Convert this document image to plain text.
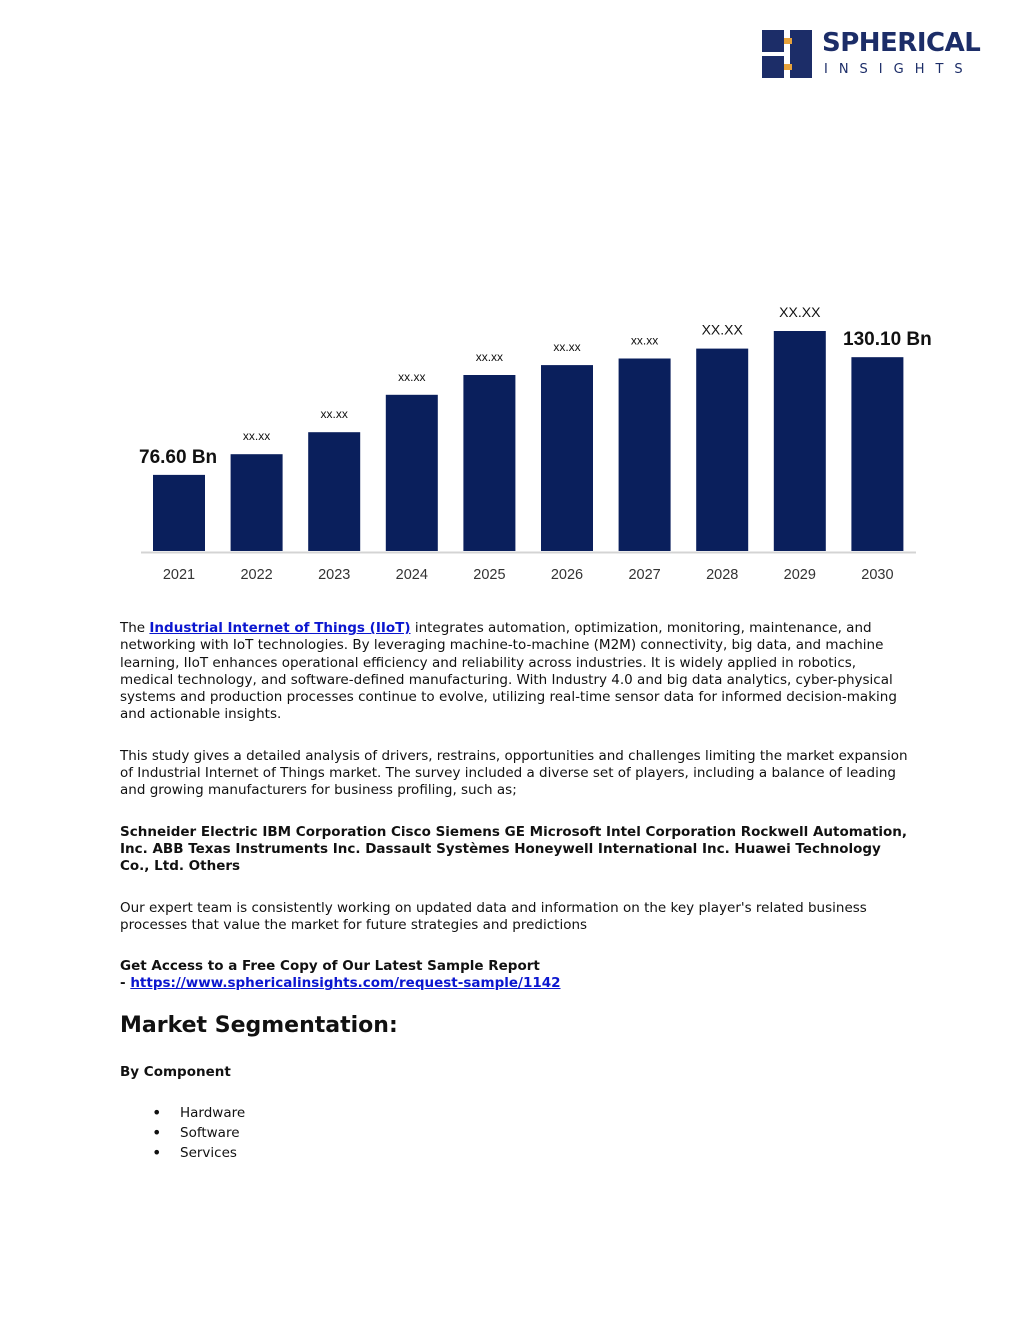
SPHERICAL
INSIGHTS
76.60 Bn
2021
xx.xx
2022
xx.xx
2023
xx.xx
2024
xx.xx
2025
xx.xx
2026
xx.xx
2027
XX.XX
2028
XX.XX
2029
130.10 Bn
2030

The Industrial Internet of Things (IIoT) integrates automation, optimization, monitoring, maintenance, and networking with IoT technologies. By leveraging machine-to-machine (M2M) connectivity, big data, and machine learning, IIoT enhances operational efficiency and reliability across industries. It is widely applied in robotics, medical technology, and software-defined manufacturing. With Industry 4.0 and big data analytics, cyber-physical systems and production processes continue to evolve, utilizing real-time sensor data for informed decision-making and actionable insights.

This study gives a detailed analysis of drivers, restrains, opportunities and challenges limiting the market expansion of Industrial Internet of Things market. The survey included a diverse set of players, including a balance of leading and growing manufacturers for business profiling, such as;

Schneider Electric IBM Corporation Cisco Siemens GE Microsoft Intel Corporation Rockwell Automation, Inc. ABB Texas Instruments Inc. Dassault Systèmes Honeywell International Inc. Huawei Technology Co., Ltd. Others

Our expert team is consistently working on updated data and information on the key player's related business processes that value the market for future strategies and predictions

Get Access to a Free Copy of Our Latest Sample Report
- https://www.sphericalinsights.com/request-sample/1142

Market Segmentation:
By Component
• Hardware
• Software
• Services
